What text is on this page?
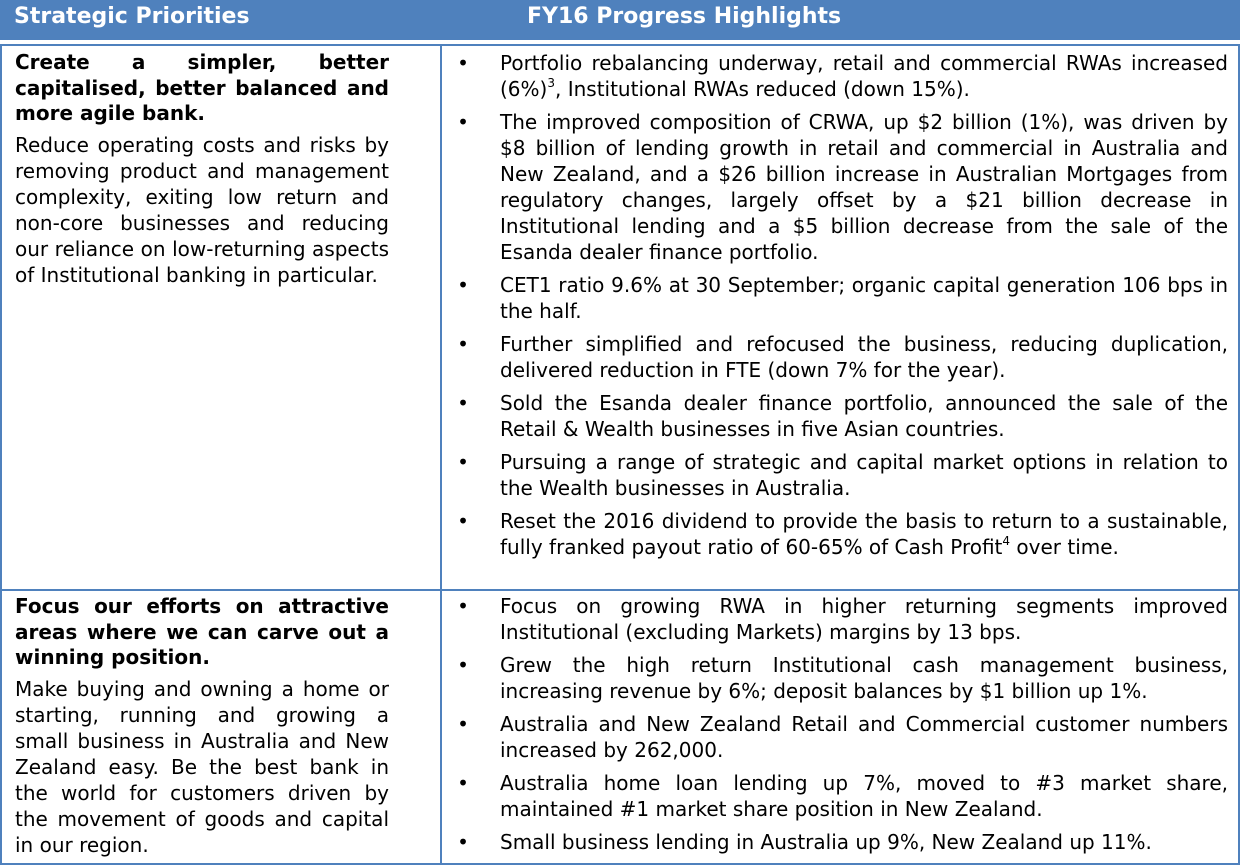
Strategic Priorities	FY16 Progress Highlights

Create a simpler, better capitalised, better balanced and more agile bank.

Reduce operating costs and risks by removing product and management complexity, exiting low return and non-core businesses and reducing our reliance on low-returning aspects of Institutional banking in particular.

• Portfolio rebalancing underway, retail and commercial RWAs increased $(6\%)^3$, Institutional RWAs reduced (down 15%).
• The improved composition of CRWA, up $2 billion (1%), was driven by $8 billion of lending growth in retail and commercial in Australia and New Zealand, and a $26 billion increase in Australian Mortgages from regulatory changes, largely offset by a $21 billion decrease in Institutional lending and a $5 billion decrease from the sale of the Esanda dealer finance portfolio.
• CET1 ratio 9.6% at 30 September; organic capital generation 106 bps in the half.
• Further simplified and refocused the business, reducing duplication, delivered reduction in FTE (down 7% for the year).
• Sold the Esanda dealer finance portfolio, announced the sale of the Retail & Wealth businesses in five Asian countries.
• Pursuing a range of strategic and capital market options in relation to the Wealth businesses in Australia.
• Reset the 2016 dividend to provide the basis to return to a sustainable, fully franked payout ratio of 60-65% of Cash Profit$^4$ over time.

Focus our efforts on attractive areas where we can carve out a winning position.

Make buying and owning a home or starting, running and growing a small business in Australia and New Zealand easy. Be the best bank in the world for customers driven by the movement of goods and capital in our region.

• Focus on growing RWA in higher returning segments improved Institutional (excluding Markets) margins by 13 bps.
• Grew the high return Institutional cash management business, increasing revenue by 6%; deposit balances by $1 billion up 1%.
• Australia and New Zealand Retail and Commercial customer numbers increased by 262,000.
• Australia home loan lending up 7%, moved to #3 market share, maintained #1 market share position in New Zealand.
• Small business lending in Australia up 9%, New Zealand up 11%.
